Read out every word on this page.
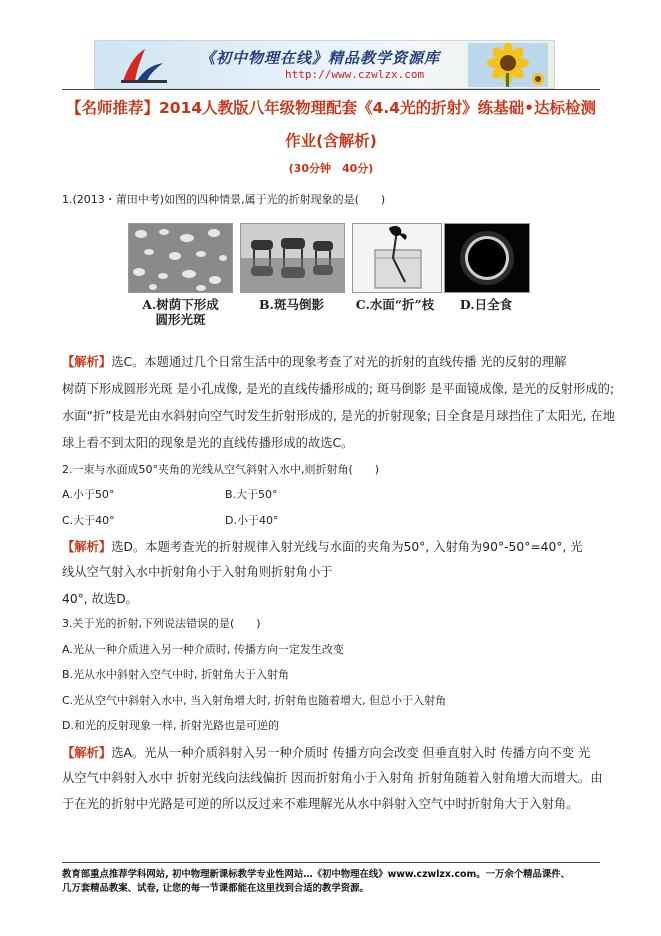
《初中物理在线》精品教学资源库
http://www.czwlzx.com
【名师推荐】2014人教版八年级物理配套《4.4光的折射》练基础•达标检测
作业(含解析)
(30分钟　40分)
1.(2013・莆田中考)如图的四种情景,属于光的折射现象的是(　　)
A.树荫下形成
圆形光斑
B.斑马倒影	C.水面“折”枝	D.日全食
【解析】选C。本题通过几个日常生活中的现象考查了对光的折射的直线传播 光的反射的理解
树荫下形成圆形光斑 是小孔成像, 是光的直线传播形成的; 斑马倒影 是平面镜成像, 是光的反射形成的;
水面“折”枝是光由水斜射向空气时发生折射形成的, 是光的折射现象; 日全食是月球挡住了太阳光, 在地
球上看不到太阳的现象是光的直线传播形成的故选C。
2.一束与水面成50°夹角的光线从空气斜射入水中,则折射角(　　)
A.小于50°	B.大于50°
C.大于40°	D.小于40°
【解析】选D。本题考查光的折射规律入射光线与水面的夹角为50°, 入射角为90°-50°=40°, 光
线从空气射入水中折射角小于入射角则折射角小于
40°, 故选D。
3.关于光的折射,下列说法错误的是(　　)
A.光从一种介质进入另一种介质时, 传播方向一定发生改变
B.光从水中斜射入空气中时, 折射角大于入射角
C.光从空气中斜射入水中, 当入射角增大时, 折射角也随着增大, 但总小于入射角
D.和光的反射现象一样, 折射光路也是可逆的
【解析】选A。光从一种介质斜射入另一种介质时 传播方向会改变 但垂直射入时 传播方向不变 光
从空气中斜射入水中 折射光线向法线偏折 因而折射角小于入射角 折射角随着入射角增大而增大。由
于在光的折射中光路是可逆的所以反过来不难理解光从水中斜射入空气中时折射角大于入射角。
教育部重点推荐学科网站, 初中物理新课标教学专业性网站…《初中物理在线》www.czwlzx.com。一万余个精品课件、
几万套精品教案、试卷, 让您的每一节课都能在这里找到合适的教学资源。
